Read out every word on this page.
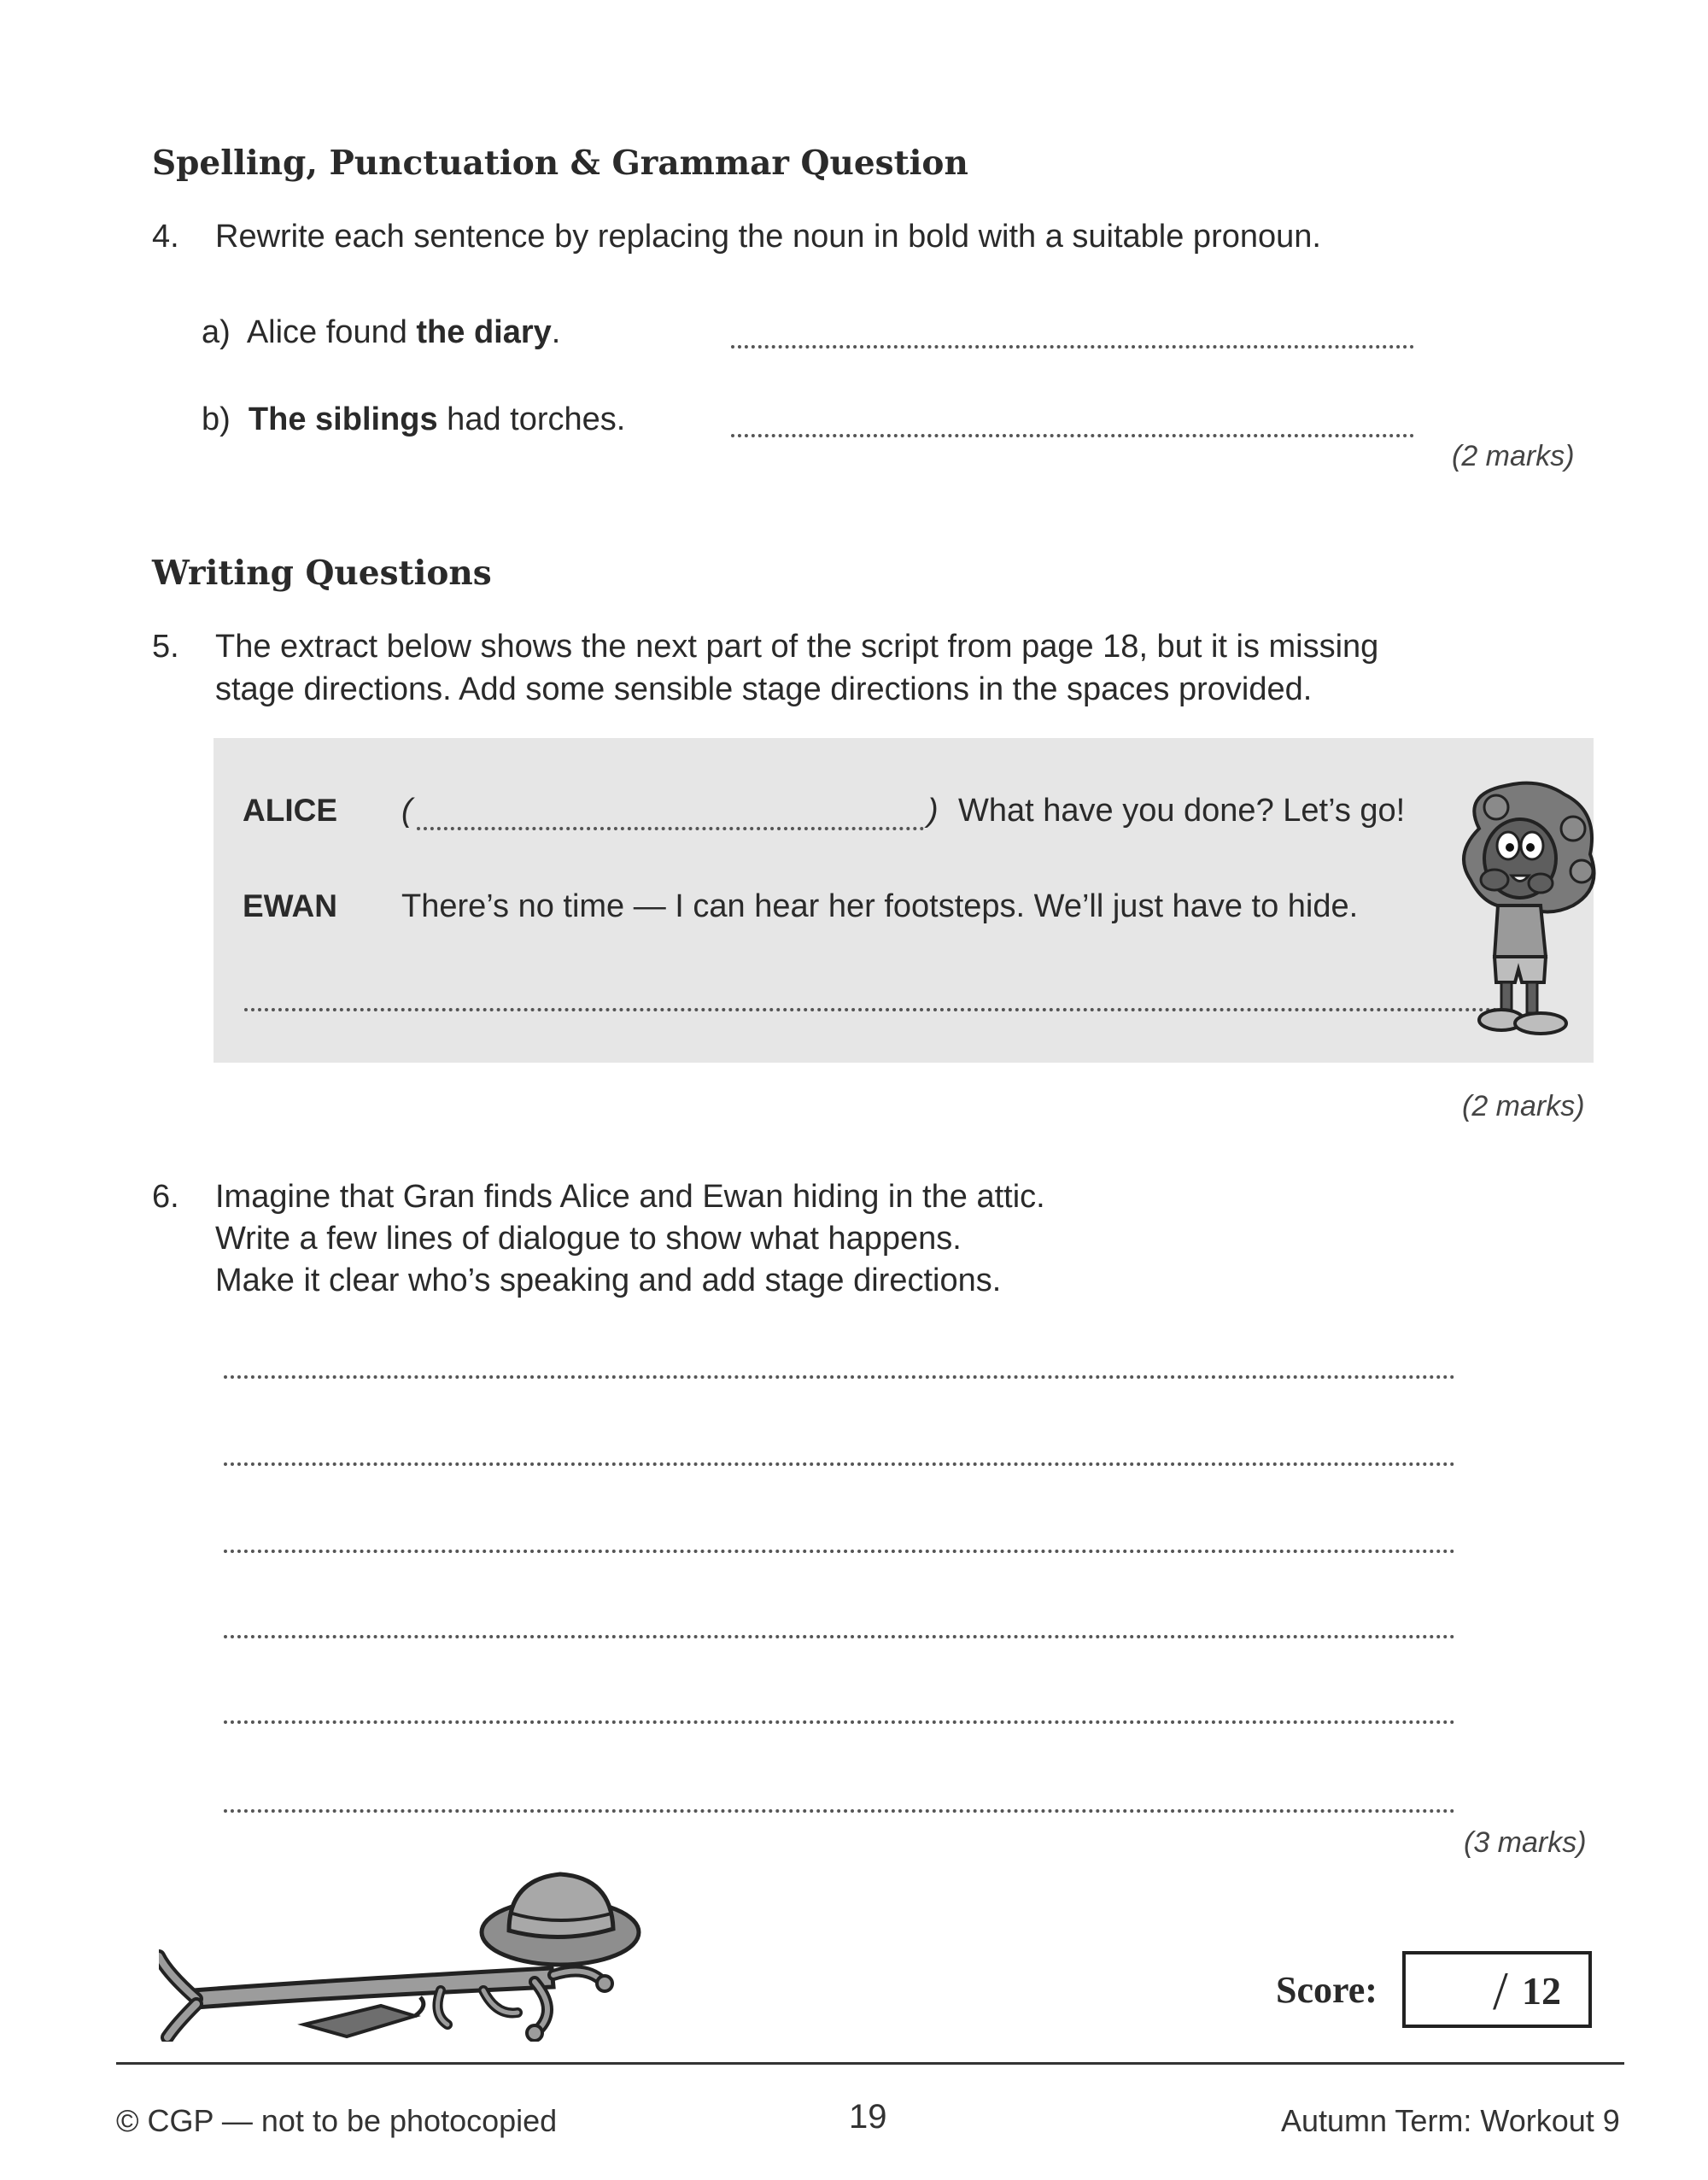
Spelling, Punctuation & Grammar Question
4. Rewrite each sentence by replacing the noun in bold with a suitable pronoun.
a) Alice found the diary.
b) The siblings had torches.
(2 marks)
Writing Questions
5. The extract below shows the next part of the script from page 18, but it is missing
stage directions. Add some sensible stage directions in the spaces provided.
ALICE (	) What have you done? Let’s go!
EWAN There’s no time — I can hear her footsteps. We’ll just have to hide.
(2 marks)
6. Imagine that Gran finds Alice and Ewan hiding in the attic.
Write a few lines of dialogue to show what happens.
Make it clear who’s speaking and add stage directions.
(3 marks)
Score: / 12
© CGP — not to be photocopied	19	Autumn Term: Workout 9
